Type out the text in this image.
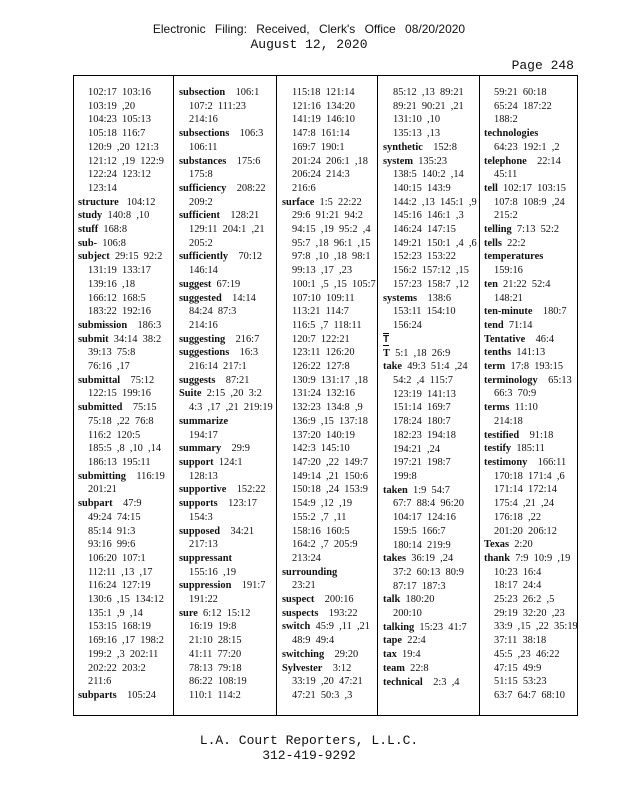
Electronic Filing: Received, Clerk's Office 08/20/2020
August 12, 2020
Page 248
102:17  103:16
103:19  ,20
104:23  105:13
105:18  116:7
120:9  ,20  121:3
121:12  ,19  122:9
122:24  123:12
123:14
structure   104:12
study  140:8  ,10
stuff  168:8
sub-  106:8
subject  29:15  92:2
131:19  133:17
139:16  ,18
166:12  168:5
183:22  192:16
submission    186:3
submit  34:14  38:2
39:13  75:8
76:16  ,17
submittal    75:12
122:15  199:16
submitted    75:15
75:18  ,22  76:8
116:2  120:5
185:5  ,8  ,10  ,14
186:13  195:11
submitting    116:19
201:21
subpart    47:9
49:24  74:15
85:14  91:3
93:16  99:6
106:20  107:1
112:11  ,13  ,17
116:24  127:19
130:6  ,15  134:12
135:1  ,9  ,14
153:15  168:19
169:16  ,17  198:2
199:2  ,3  202:11
202:22  203:2
211:6
subparts    105:24
subsection    106:1
107:2  111:23
214:16
subsections    106:3
106:11
substances    175:6
175:8
sufficiency    208:22
209:2
sufficient    128:21
129:11  204:1  ,21
205:2
sufficiently    70:12
146:14
suggest  67:19
suggested    14:14
84:24  87:3
214:16
suggesting    216:7
suggestions    16:3
216:14  217:1
suggests    87:21
Suite  2:15  ,20  3:2
4:3  ,17  ,21  219:19
summarize
194:17
summary    29:9
support  124:1
128:13
supportive    152:22
supports    123:17
154:3
supposed    34:21
217:13
suppressant
155:16  ,19
suppression    191:7
191:22
sure  6:12  15:12
16:19  19:8
21:10  28:15
41:11  77:20
78:13  79:18
86:22  108:19
110:1  114:2
115:18  121:14
121:16  134:20
141:19  146:10
147:8  161:14
169:7  190:1
201:24  206:1  ,18
206:24  214:3
216:6
surface  1:5  22:22
29:6  91:21  94:2
94:15  ,19  95:2  ,4
95:7  ,18  96:1  ,15
97:8  ,10  ,18  98:1
99:13  ,17  ,23
100:1  ,5  ,15  105:7
107:10  109:11
113:21  114:7
116:5  ,7  118:11
120:7  122:21
123:11  126:20
126:22  127:8
130:9  131:17  ,18
131:24  132:16
132:23  134:8  ,9
136:9  ,15  137:18
137:20  140:19
142:3  145:10
147:20  ,22  149:7
149:14  ,21  150:6
150:18  ,24  153:9
154:9  ,12  ,19
155:2  ,7  ,11
158:16  160:5
164:2  ,7  205:9
213:24
surrounding
23:21
suspect    200:16
suspects    193:22
switch  45:9  ,11  ,21
48:9  49:4
switching    29:20
Sylvester    3:12
33:19  ,20  47:21
47:21  50:3  ,3
85:12  ,13  89:21
89:21  90:21  ,21
131:10  ,10
135:13  ,13
synthetic    152:8
system  135:23
138:5  140:2  ,14
140:15  143:9
144:2  ,13  145:1  ,9
145:16  146:1  ,3
146:24  147:15
149:21  150:1  ,4  ,6
152:23  153:22
156:2  157:12  ,15
157:23  158:7  ,12
systems    138:6
153:11  154:10
156:24
T
T  5:1  ,18  26:9
take  49:3  51:4  ,24
54:2  ,4  115:7
123:19  141:13
151:14  169:7
178:24  180:7
182:23  194:18
194:21  ,24
197:21  198:7
199:8
taken  1:9  54:7
67:7  88:4  96:20
104:17  124:16
159:5  166:7
180:14  219:9
takes  36:19  ,24
37:2  60:13  80:9
87:17  187:3
talk  180:20
200:10
talking  15:23  41:7
tape  22:4
tax  19:4
team  22:8
technical    2:3  ,4
59:21  60:18
65:24  187:22
188:2
technologies
64:23  192:1  ,2
telephone    22:14
45:11
tell  102:17  103:15
107:8  108:9  ,24
215:2
telling  7:13  52:2
tells  22:2
temperatures
159:16
ten  21:22  52:4
148:21
ten-minute    180:7
tend  71:14
Tentative    46:4
tenths  141:13
term  17:8  193:15
terminology    65:13
66:3  70:9
terms  11:10
214:18
testified    91:18
testify  185:11
testimony    166:11
170:18  171:4  ,6
171:14  172:14
175:4  ,21  ,24
176:18  ,22
201:20  206:12
Texas  2:20
thank  7:9  10:9  ,19
10:23  16:4
18:17  24:4
25:23  26:2  ,5
29:19  32:20  ,23
33:9  ,15  ,22  35:19
37:11  38:18
45:5  ,23  46:22
47:15  49:9
51:15  53:23
63:7  64:7  68:10
L.A. Court Reporters, L.L.C.
312-419-9292
